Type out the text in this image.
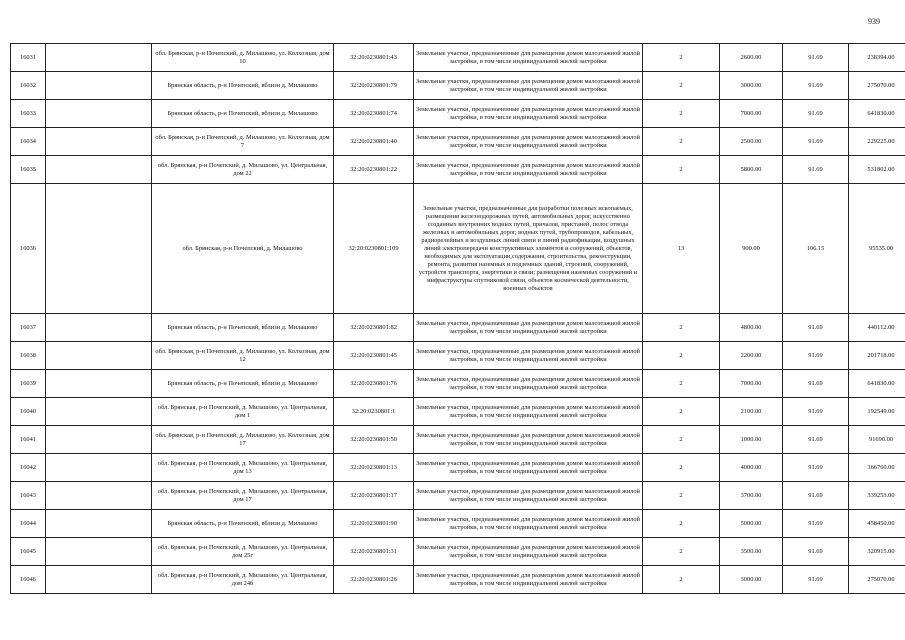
939
16031		обл. Брянская, р-н Почепский, д. Милашово, ул. Колхозная, дом 10	32:20:0230801:43	Земельные участки, предназначенные для размещения домов малоэтажной жилой застройки, в том числе индивидуальной жилой застройки	2	2600.00	91.69	238394.00
16032		Брянская область, р-н Почепский, вблизи д. Милашово	32:20:0230801:79	Земельные участки, предназначенные для размещения домов малоэтажной жилой застройки, в том числе индивидуальной жилой застройки	2	3000.00	91.69	275070.00
16033		Брянская область, р-н Почепский, вблизи д. Милашово	32:20:0230801:74	Земельные участки, предназначенные для размещения домов малоэтажной жилой застройки, в том числе индивидуальной жилой застройки	2	7000.00	91.69	641830.00
16034		обл. Брянская, р-н Почепский, д. Милашово, ул. Колхозная, дом 7	32:20:0230801:40	Земельные участки, предназначенные для размещения домов малоэтажной жилой застройки, в том числе индивидуальной жилой застройки	2	2500.00	91.69	229225.00
16035		обл. Брянская, р-н Почепский, д. Милашово, ул. Центральная, дом 22	32:20:0230801:22	Земельные участки, предназначенные для размещения домов малоэтажной жилой застройки, в том числе индивидуальной жилой застройки	2	5800.00	91.69	531802.00
16036		обл. Брянская, р-н Почепский, д. Милашово	32:20:0230801:109	Земельные участки, предназначенные для разработки полезных ископаемых, размещения железнодорожных путей, автомобильных дорог, искусственно созданных внутренних водных путей, причалов, пристаней, полос отвода железных и автомобильных дорог, водных путей, трубопроводов, кабельных, радиорелейных и воздушных линий связи и линий радиофикации, воздушных линий электропередачи конструктивных элементов и сооружений, объектов, необходимых для эксплуатации,содержания, строительства, реконструкции, ремонта, развития наземных и подземных зданий, строений, сооружений, устройств транспорта, энергетики и связи; размещения наземных сооружений и инфраструктуры спутниковой связи, объектов космической деятельности, военных объектов	13	900.00	106.15	95535.00
16037		Брянская область, р-н Почепский, вблизи д. Милашово	32:20:0230801:82	Земельные участки, предназначенные для размещения домов малоэтажной жилой застройки, в том числе индивидуальной жилой застройки	2	4800.00	91.69	440112.00
16038		обл. Брянская, р-н Почепский, д. Милашово, ул. Колхозная, дом 12	32:20:0230801:45	Земельные участки, предназначенные для размещения домов малоэтажной жилой застройки, в том числе индивидуальной жилой застройки	2	2200.00	91.69	201718.00
16039		Брянская область, р-н Почепский, вблизи д. Милашово	32:20:0230801:76	Земельные участки, предназначенные для размещения домов малоэтажной жилой застройки, в том числе индивидуальной жилой застройки	2	7000.00	91.69	641830.00
16040		обл. Брянская, р-н Почепский, д. Милашово, ул. Центральная, дом 1	32:20:0230801:1	Земельные участки, предназначенные для размещения домов малоэтажной жилой застройки, в том числе индивидуальной жилой застройки	2	2100.00	91.69	192549.00
16041		обл. Брянская, р-н Почепский, д. Милашово, ул. Колхозная, дом 17	32:20:0230801:50	Земельные участки, предназначенные для размещения домов малоэтажной жилой застройки, в том числе индивидуальной жилой застройки	2	1000.00	91.69	91690.00
16042		обл. Брянская, р-н Почепский, д. Милашово, ул. Центральная, дом 13	32:20:0230801:13	Земельные участки, предназначенные для размещения домов малоэтажной жилой застройки, в том числе индивидуальной жилой застройки	2	4000.00	91.69	366760.00
16043		обл. Брянская, р-н Почепский, д. Милашово, ул. Центральная, дом 17	32:20:0230801:17	Земельные участки, предназначенные для размещения домов малоэтажной жилой застройки, в том числе индивидуальной жилой застройки	2	3700.00	91.69	339253.00
16044		Брянская область, р-н Почепский, вблизи д. Милашово	32:20:0230801:90	Земельные участки, предназначенные для размещения домов малоэтажной жилой застройки, в том числе индивидуальной жилой застройки	2	5000.00	91.69	458450.00
16045		обл. Брянская, р-н Почепский, д. Милашово, ул. Центральная, дом 25г	32:20:0230801:31	Земельные участки, предназначенные для размещения домов малоэтажной жилой застройки, в том числе индивидуальной жилой застройки	2	3500.00	91.69	320915.00
16046		обл. Брянская, р-н Почепский, д. Милашово, ул. Центральная, дом 24б	32:20:0230801:26	Земельные участки, предназначенные для размещения домов малоэтажной жилой застройки, в том числе индивидуальной жилой застройки	2	3000.00	91.69	275070.00
